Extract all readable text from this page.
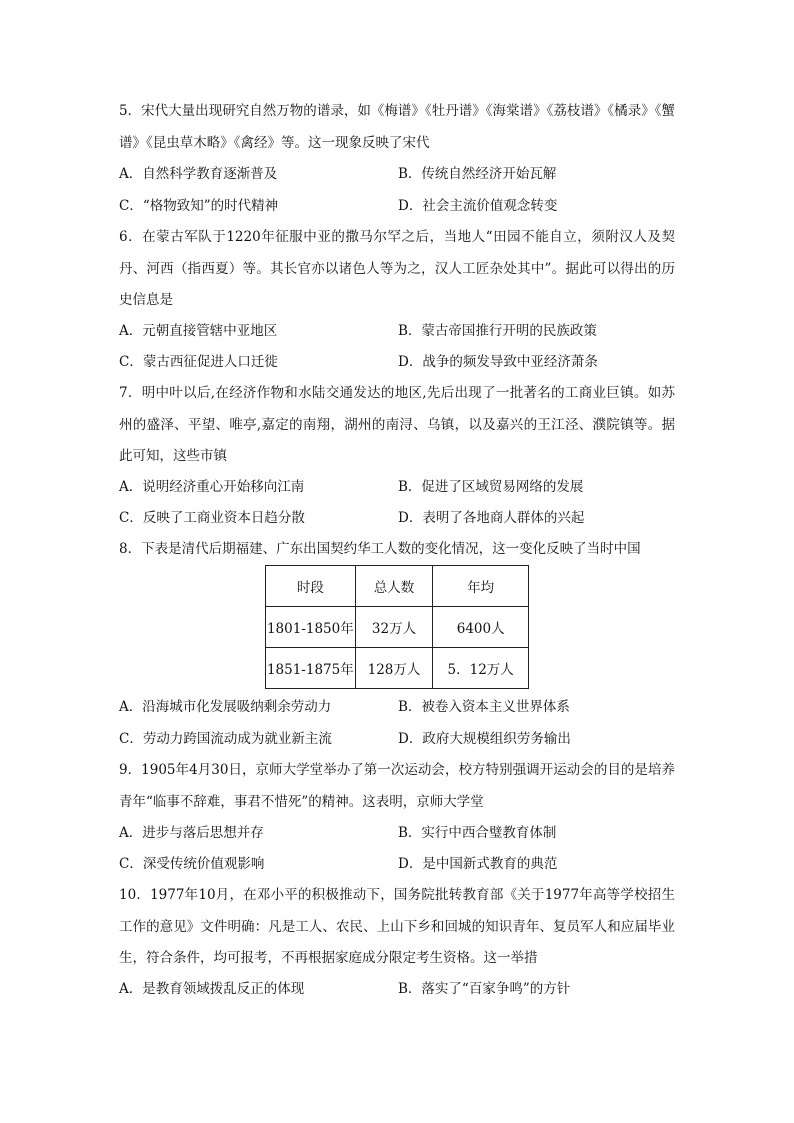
5．宋代大量出现研究自然万物的谱录，如《梅谱》《牡丹谱》《海棠谱》《荔枝谱》《橘录》《蟹谱》《昆虫草木略》《禽经》等。这一现象反映了宋代
A．自然科学教育逐渐普及	B．传统自然经济开始瓦解
C．“格物致知”的时代精神	D．社会主流价值观念转变
6．在蒙古军队于1220年征服中亚的撒马尔罕之后，当地人“田园不能自立，须附汉人及契丹、河西（指西夏）等。其长官亦以诸色人等为之，汉人工匠杂处其中”。据此可以得出的历史信息是
A．元朝直接管辖中亚地区	B．蒙古帝国推行开明的民族政策
C．蒙古西征促进人口迁徙	D．战争的频发导致中亚经济萧条
7．明中叶以后,在经济作物和水陆交通发达的地区,先后出现了一批著名的工商业巨镇。如苏州的盛泽、平望、唯亭,嘉定的南翔，湖州的南浔、乌镇，以及嘉兴的王江泾、濮院镇等。据此可知，这些市镇
A．说明经济重心开始移向江南	B．促进了区域贸易网络的发展
C．反映了工商业资本日趋分散	D．表明了各地商人群体的兴起
8．下表是清代后期福建、广东出国契约华工人数的变化情况，这一变化反映了当时中国
时段	总人数	年均
1801-1850年	32万人	6400人
1851-1875年	128万人	5．12万人
A．沿海城市化发展吸纳剩余劳动力	B．被卷入资本主义世界体系
C．劳动力跨国流动成为就业新主流	D．政府大规模组织劳务输出
9．1905年4月30日，京师大学堂举办了第一次运动会，校方特别强调开运动会的目的是培养青年“临事不辞难，事君不惜死”的精神。这表明，京师大学堂
A．进步与落后思想并存	B．实行中西合璧教育体制
C．深受传统价值观影响	D．是中国新式教育的典范
10．1977年10月，在邓小平的积极推动下，国务院批转教育部《关于1977年高等学校招生工作的意见》文件明确：凡是工人、农民、上山下乡和回城的知识青年、复员军人和应届毕业生，符合条件，均可报考，不再根据家庭成分限定考生资格。这一举措
A．是教育领域拨乱反正的体现	B．落实了“百家争鸣”的方针
